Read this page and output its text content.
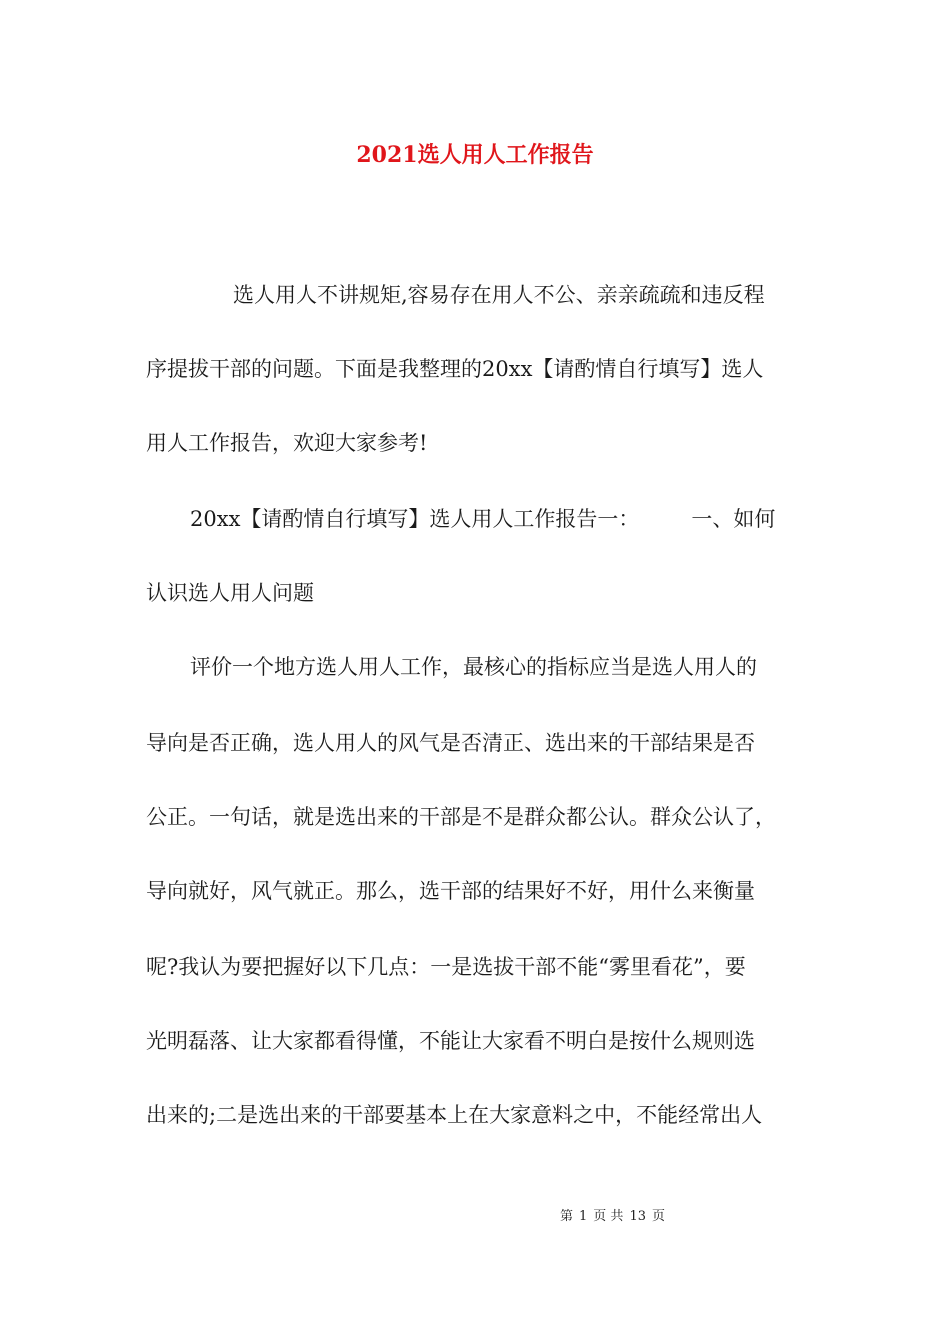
2021选人用人工作报告

选人用人不讲规矩,容易存在用人不公、亲亲疏疏和违反程

序提拔干部的问题。下面是我整理的20xx【请酌情自行填写】选人

用人工作报告，欢迎大家参考!

20xx【请酌情自行填写】选人用人工作报告一： 一、如何

认识选人用人问题

评价一个地方选人用人工作，最核心的指标应当是选人用人的

导向是否正确，选人用人的风气是否清正、选出来的干部结果是否

公正。一句话，就是选出来的干部是不是群众都公认。群众公认了，

导向就好，风气就正。那么，选干部的结果好不好，用什么来衡量

呢?我认为要把握好以下几点：一是选拔干部不能“雾里看花”，要

光明磊落、让大家都看得懂，不能让大家看不明白是按什么规则选

出来的;二是选出来的干部要基本上在大家意料之中，不能经常出人

第 1 页 共 13 页
